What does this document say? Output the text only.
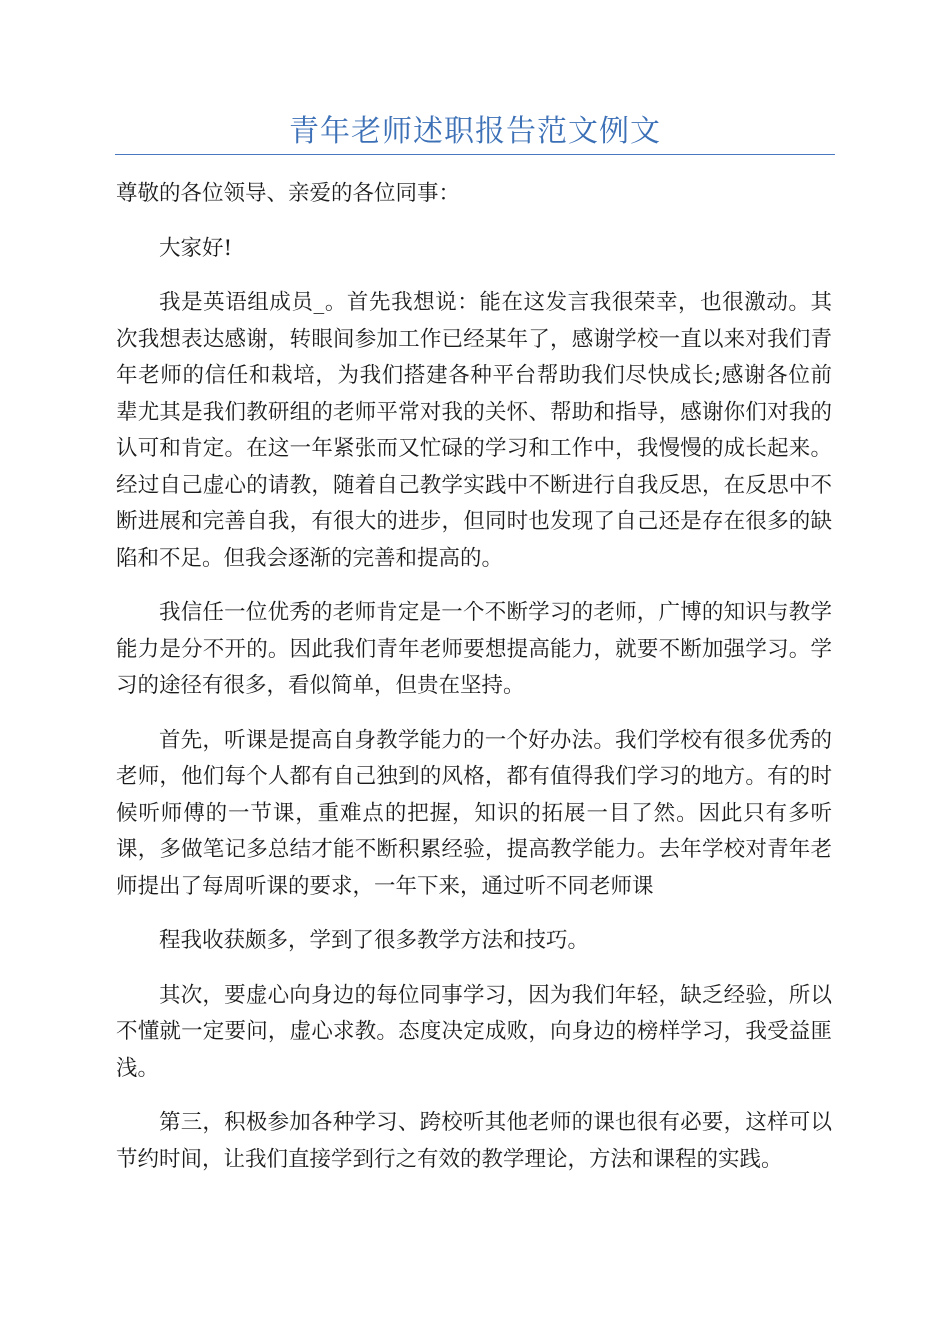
青年老师述职报告范文例文

尊敬的各位领导、亲爱的各位同事：

大家好!

我是英语组成员_。首先我想说：能在这发言我很荣幸，也很激动。其次我想表达感谢，转眼间参加工作已经某年了，感谢学校一直以来对我们青年老师的信任和栽培，为我们搭建各种平台帮助我们尽快成长;感谢各位前辈尤其是我们教研组的老师平常对我的关怀、帮助和指导，感谢你们对我的认可和肯定。在这一年紧张而又忙碌的学习和工作中，我慢慢的成长起来。经过自己虚心的请教，随着自己教学实践中不断进行自我反思，在反思中不断进展和完善自我，有很大的进步，但同时也发现了自己还是存在很多的缺陷和不足。但我会逐渐的完善和提高的。

我信任一位优秀的老师肯定是一个不断学习的老师，广博的知识与教学能力是分不开的。因此我们青年老师要想提高能力，就要不断加强学习。学习的途径有很多，看似简单，但贵在坚持。

首先，听课是提高自身教学能力的一个好办法。我们学校有很多优秀的老师，他们每个人都有自己独到的风格，都有值得我们学习的地方。有的时候听师傅的一节课，重难点的把握，知识的拓展一目了然。因此只有多听课，多做笔记多总结才能不断积累经验，提高教学能力。去年学校对青年老师提出了每周听课的要求，一年下来，通过听不同老师课

程我收获颇多，学到了很多教学方法和技巧。

其次，要虚心向身边的每位同事学习，因为我们年轻，缺乏经验，所以不懂就一定要问，虚心求教。态度决定成败，向身边的榜样学习，我受益匪浅。

第三，积极参加各种学习、跨校听其他老师的课也很有必要，这样可以节约时间，让我们直接学到行之有效的教学理论，方法和课程的实践。
